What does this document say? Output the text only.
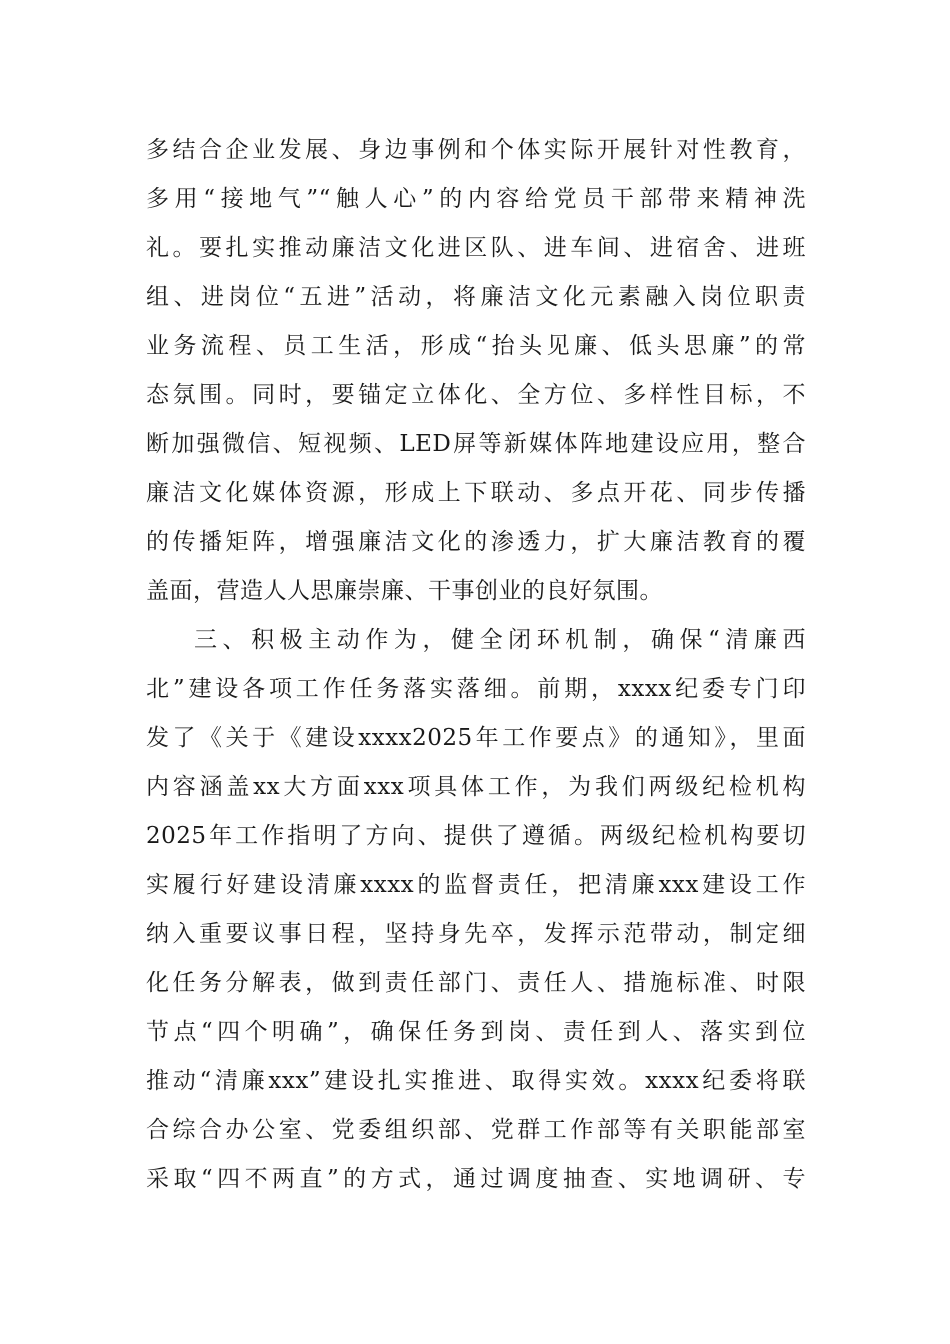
多结合企业发展、身边事例和个体实际开展针对性教育，
多用“接地气”“触人心”的内容给党员干部带来精神洗
礼。要扎实推动廉洁文化进区队、进车间、进宿舍、进班
组、进岗位“五进”活动，将廉洁文化元素融入岗位职责
业务流程、员工生活，形成“抬头见廉、低头思廉”的常
态氛围。同时，要锚定立体化、全方位、多样性目标，不
断加强微信、短视频、LED屏等新媒体阵地建设应用，整合
廉洁文化媒体资源，形成上下联动、多点开花、同步传播
的传播矩阵，增强廉洁文化的渗透力，扩大廉洁教育的覆
盖面，营造人人思廉崇廉、干事创业的良好氛围。
三、积极主动作为，健全闭环机制，确保“清廉西
北”建设各项工作任务落实落细。前期，xxxx纪委专门印
发了《关于《建设xxxx2025年工作要点》的通知》，里面
内容涵盖xx大方面xxx项具体工作，为我们两级纪检机构
2025年工作指明了方向、提供了遵循。两级纪检机构要切
实履行好建设清廉xxxx的监督责任，把清廉xxx建设工作
纳入重要议事日程，坚持身先卒，发挥示范带动，制定细
化任务分解表，做到责任部门、责任人、措施标准、时限
节点“四个明确”，确保任务到岗、责任到人、落实到位
推动“清廉xxx”建设扎实推进、取得实效。xxxx纪委将联
合综合办公室、党委组织部、党群工作部等有关职能部室
采取“四不两直”的方式，通过调度抽查、实地调研、专
